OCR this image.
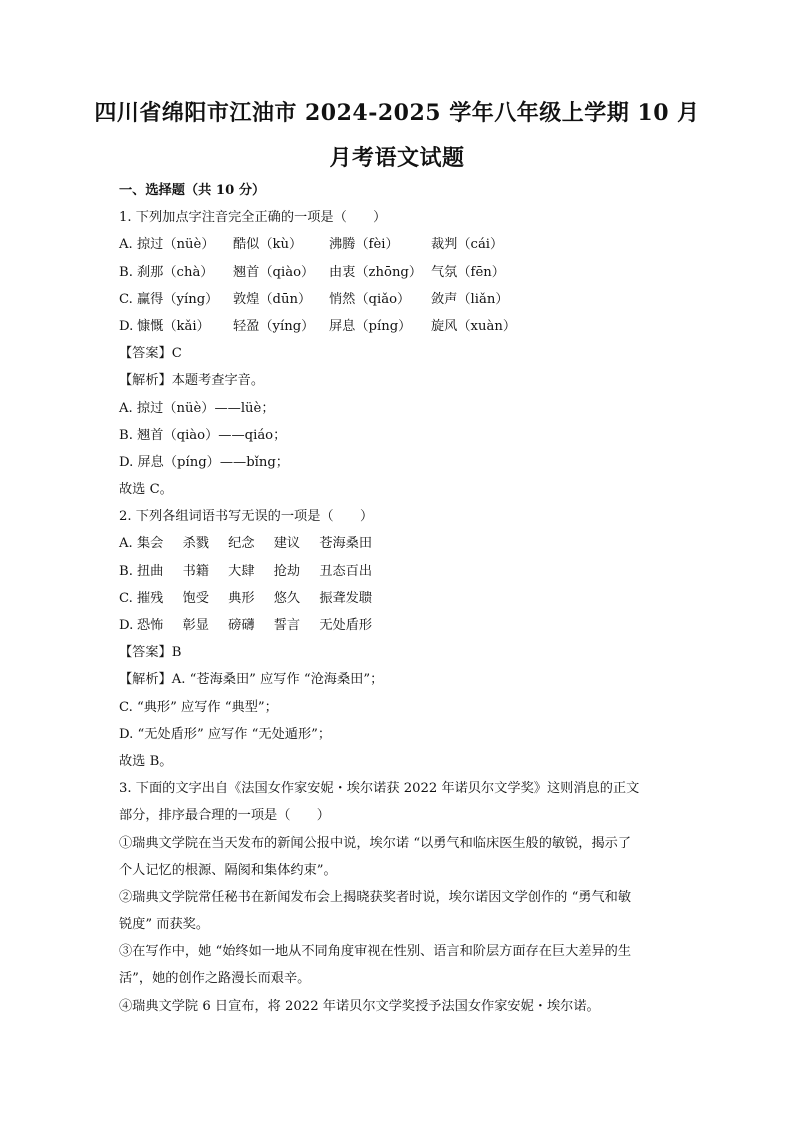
四川省绵阳市江油市 2024-2025 学年八年级上学期 10 月
月考语文试题
一、选择题（共 10 分）
1. 下列加点字注音完全正确的一项是（　　）
A. 掠过（nüè）	酷似（kù）	沸腾（fèi）	裁判（cái）
B. 刹那（chà）	翘首（qiào）	由衷（zhōng） 气氛（fēn）
C. 赢得（yíng）	敦煌（dūn）	悄然（qiǎo）	敛声（liǎn）
D. 慷慨（kǎi）	轻盈（yíng）	屏息（píng）	旋风（xuàn）
【答案】C
【解析】本题考查字音。
A. 掠过（nüè）——lüè；
B. 翘首（qiào）——qiáo；
D. 屏息（píng）——bǐng；
故选 C。
2. 下列各组词语书写无误的一项是（　　）
A. 集会 杀戮 纪念 建议 苍海桑田
B. 扭曲 书籍 大肆 抢劫 丑态百出
C. 摧残 饱受 典形 悠久 振聋发聩
D. 恐怖 彰显 磅礴 誓言 无处盾形
【答案】B
【解析】A. “苍海桑田” 应写作 “沧海桑田”；
C. “典形” 应写作 “典型”；
D. “无处盾形” 应写作 “无处遁形”；
故选 B。
3. 下面的文字出自《法国女作家安妮・埃尔诺获 2022 年诺贝尔文学奖》这则消息的正文
部分，排序最合理的一项是（　　）
①瑞典文学院在当天发布的新闻公报中说，埃尔诺 “以勇气和临床医生般的敏锐，揭示了
个人记忆的根源、隔阂和集体约束”。
②瑞典文学院常任秘书在新闻发布会上揭晓获奖者时说，埃尔诺因文学创作的 “勇气和敏
锐度” 而获奖。
③在写作中，她 “始终如一地从不同角度审视在性别、语言和阶层方面存在巨大差异的生
活”，她的创作之路漫长而艰辛。
④瑞典文学院 6 日宣布，将 2022 年诺贝尔文学奖授予法国女作家安妮・埃尔诺。
